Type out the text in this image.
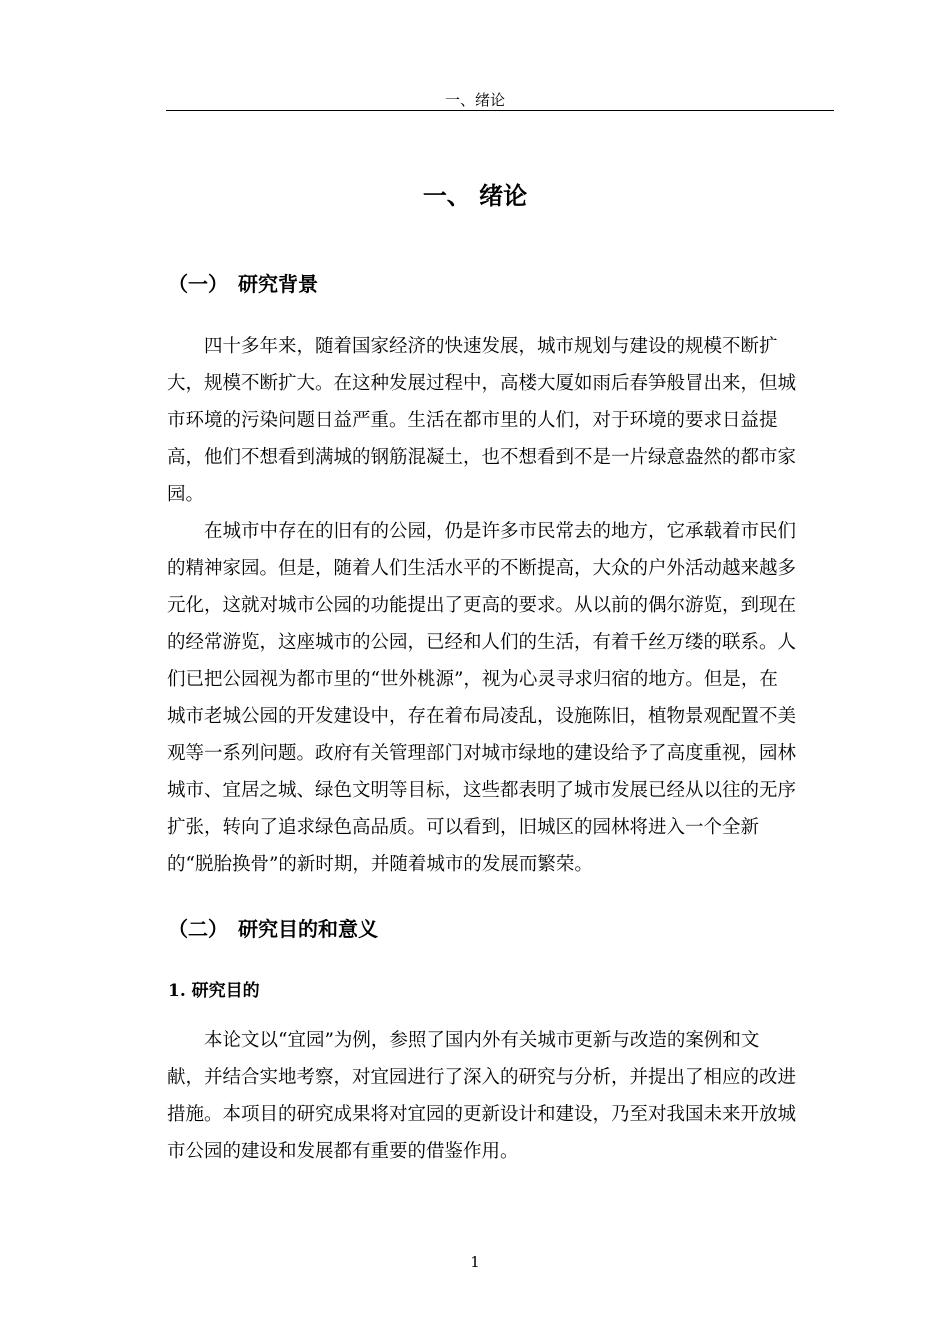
一、绪论
一、 绪论
（一） 研究背景

四十多年来，随着国家经济的快速发展，城市规划与建设的规模不断扩
大，规模不断扩大。在这种发展过程中，高楼大厦如雨后春笋般冒出来，但城
市环境的污染问题日益严重。生活在都市里的人们，对于环境的要求日益提
高，他们不想看到满城的钢筋混凝土，也不想看到不是一片绿意盎然的都市家
园。

在城市中存在的旧有的公园，仍是许多市民常去的地方，它承载着市民们
的精神家园。但是，随着人们生活水平的不断提高，大众的户外活动越来越多
元化，这就对城市公园的功能提出了更高的要求。从以前的偶尔游览，到现在
的经常游览，这座城市的公园，已经和人们的生活，有着千丝万缕的联系。人
们已把公园视为都市里的“世外桃源”，视为心灵寻求归宿的地方。但是，在
城市老城公园的开发建设中，存在着布局凌乱，设施陈旧，植物景观配置不美
观等一系列问题。政府有关管理部门对城市绿地的建设给予了高度重视，园林
城市、宜居之城、绿色文明等目标，这些都表明了城市发展已经从以往的无序
扩张，转向了追求绿色高品质。可以看到，旧城区的园林将进入一个全新
的“脱胎换骨”的新时期，并随着城市的发展而繁荣。

（二） 研究目的和意义
1. 研究目的

本论文以“宜园”为例，参照了国内外有关城市更新与改造的案例和文
献，并结合实地考察，对宜园进行了深入的研究与分析，并提出了相应的改进
措施。本项目的研究成果将对宜园的更新设计和建设，乃至对我国未来开放城
市公园的建设和发展都有重要的借鉴作用。

1
